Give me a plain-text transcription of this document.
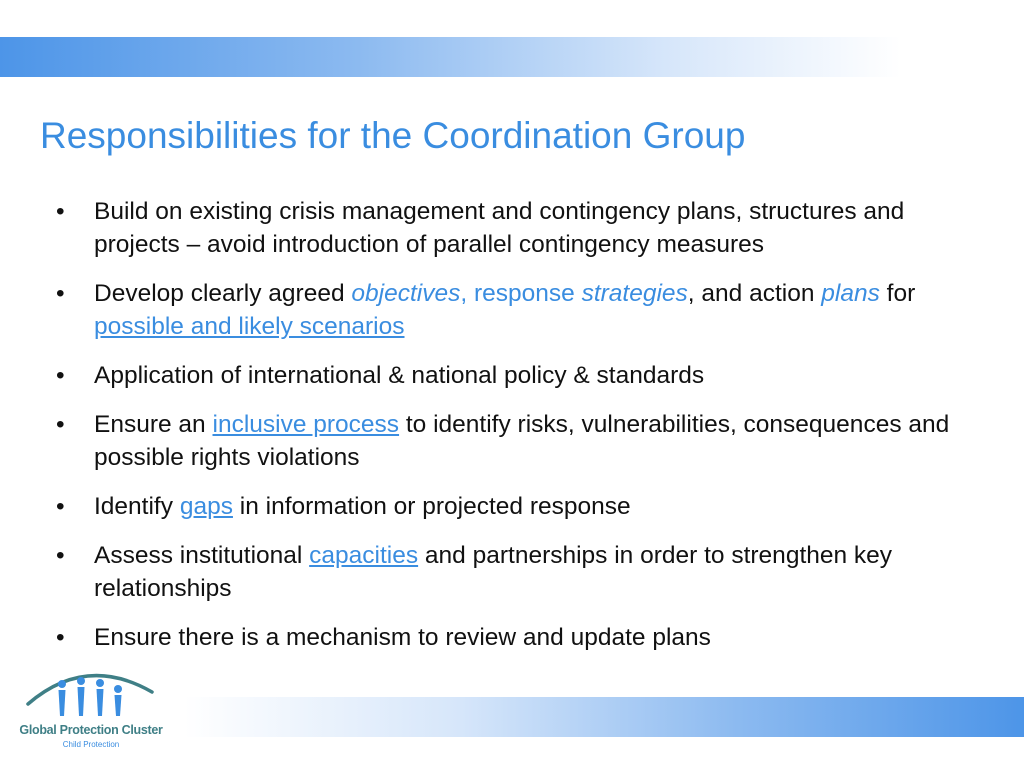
Responsibilities for the Coordination Group
•	Build on existing crisis management and contingency plans, structures and projects – avoid introduction of parallel contingency measures
•	Develop clearly agreed objectives, response strategies, and action plans for possible and likely scenarios
•	Application of international & national policy & standards
•	Ensure an inclusive process to identify risks, vulnerabilities, consequences and possible rights violations
•	Identify gaps in information or projected response
•	Assess institutional capacities and partnerships in order to strengthen key relationships
•	Ensure there is a mechanism to review and update plans
Global Protection Cluster
Child Protection
